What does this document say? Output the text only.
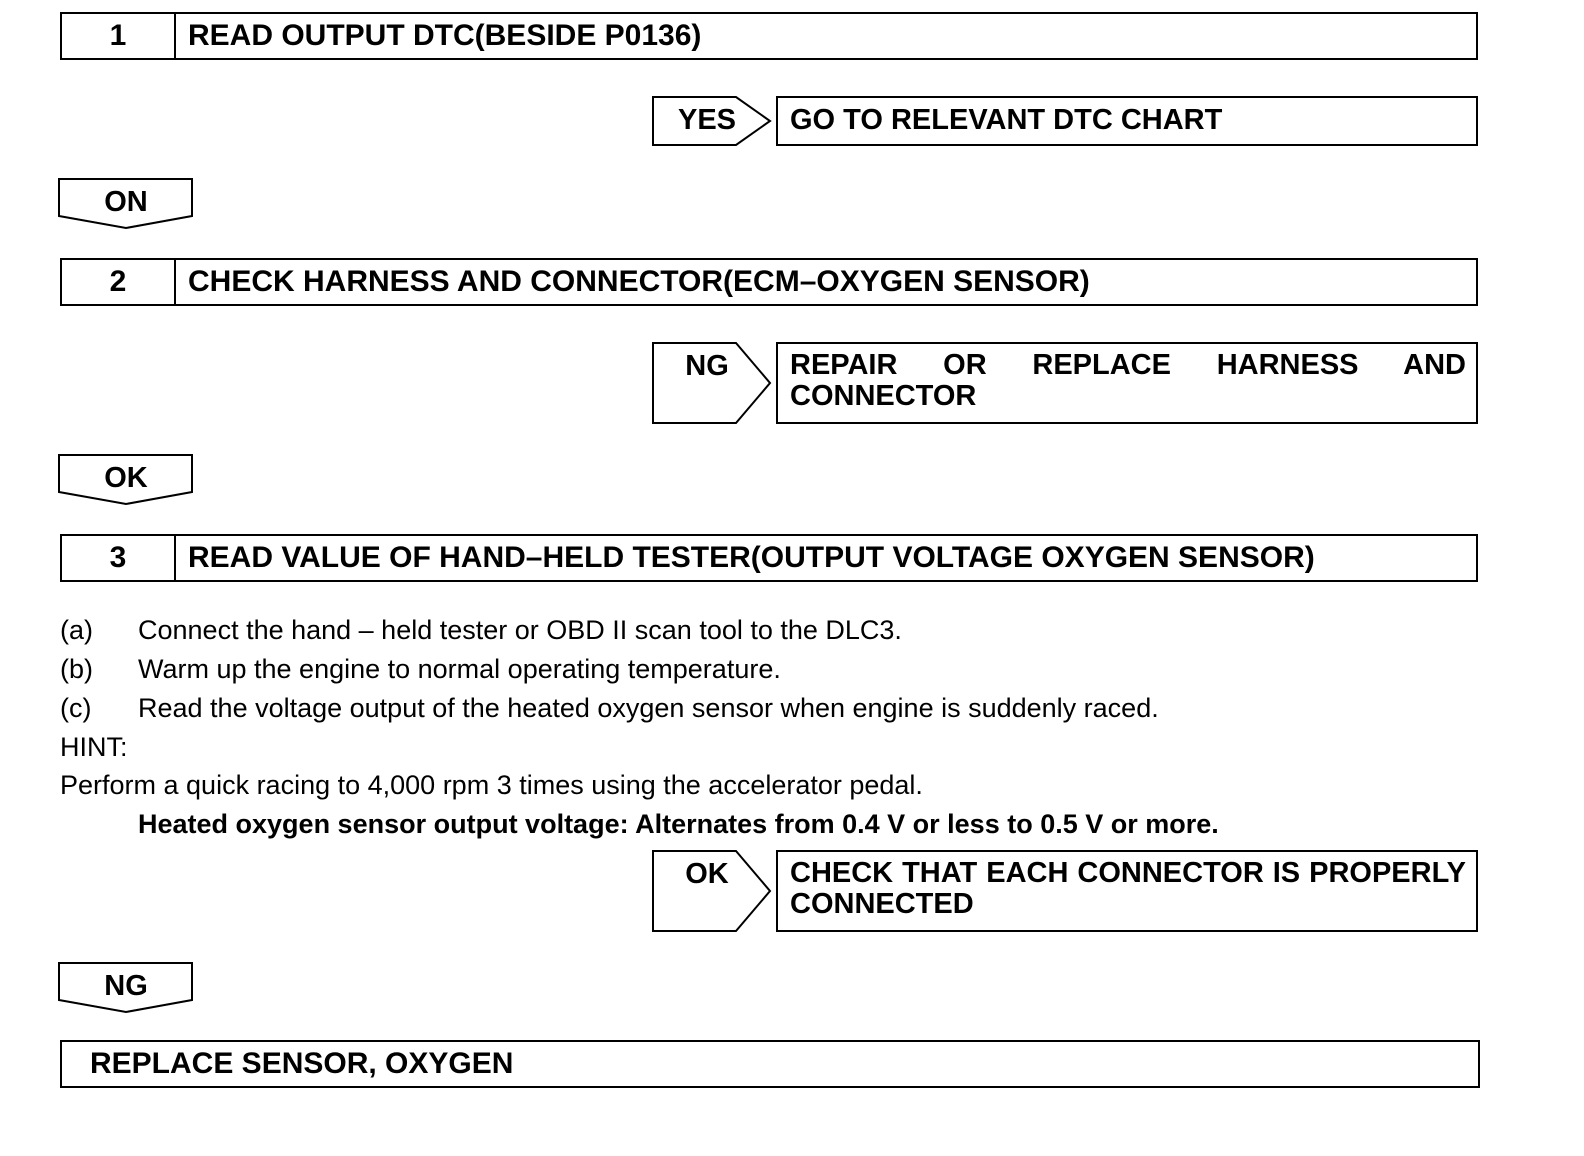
1	READ OUTPUT DTC(BESIDE P0136)
YES	GO TO RELEVANT DTC CHART
ON
2	CHECK HARNESS AND CONNECTOR(ECM–OXYGEN SENSOR)
NG	REPAIR OR REPLACE HARNESS AND CONNECTOR
OK
3	READ VALUE OF HAND–HELD TESTER(OUTPUT VOLTAGE OXYGEN SENSOR)
(a) Connect the hand – held tester or OBD II scan tool to the DLC3.
(b) Warm up the engine to normal operating temperature.
(c) Read the voltage output of the heated oxygen sensor when engine is suddenly raced.
HINT:
Perform a quick racing to 4,000 rpm 3 times using the accelerator pedal.
Heated oxygen sensor output voltage: Alternates from 0.4 V or less to 0.5 V or more.
OK	CHECK THAT EACH CONNECTOR IS PROPERLY CONNECTED
NG
REPLACE SENSOR, OXYGEN
